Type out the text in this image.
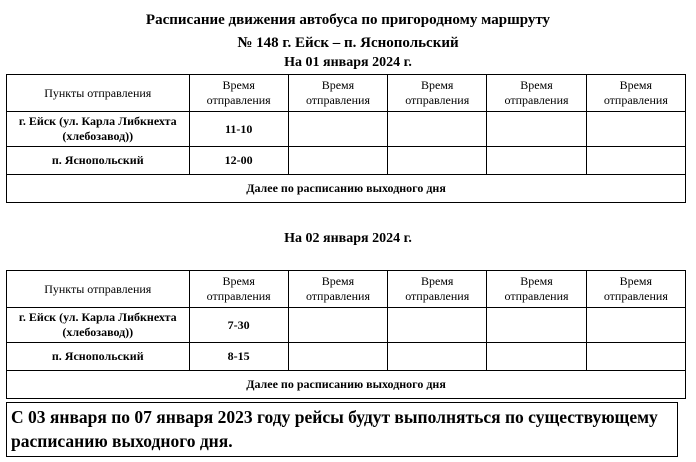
Расписание движения автобуса по пригородному маршруту
№ 148 г. Ейск – п. Яснопольский
На 01 января 2024 г.
Пункты отправления	Время отправления	Время отправления	Время отправления	Время отправления	Время отправления
г. Ейск (ул. Карла Либкнехта (хлебозавод))	11-10				
п. Яснопольский	12-00				
Далее по расписанию выходного дня					
На 02 января 2024 г.
Пункты отправления	Время отправления	Время отправления	Время отправления	Время отправления	Время отправления
г. Ейск (ул. Карла Либкнехта (хлебозавод))	7-30				
п. Яснопольский	8-15				
Далее по расписанию выходного дня					
С 03 января по 07 января 2023 году рейсы будут выполняться по существующему расписанию выходного дня.
